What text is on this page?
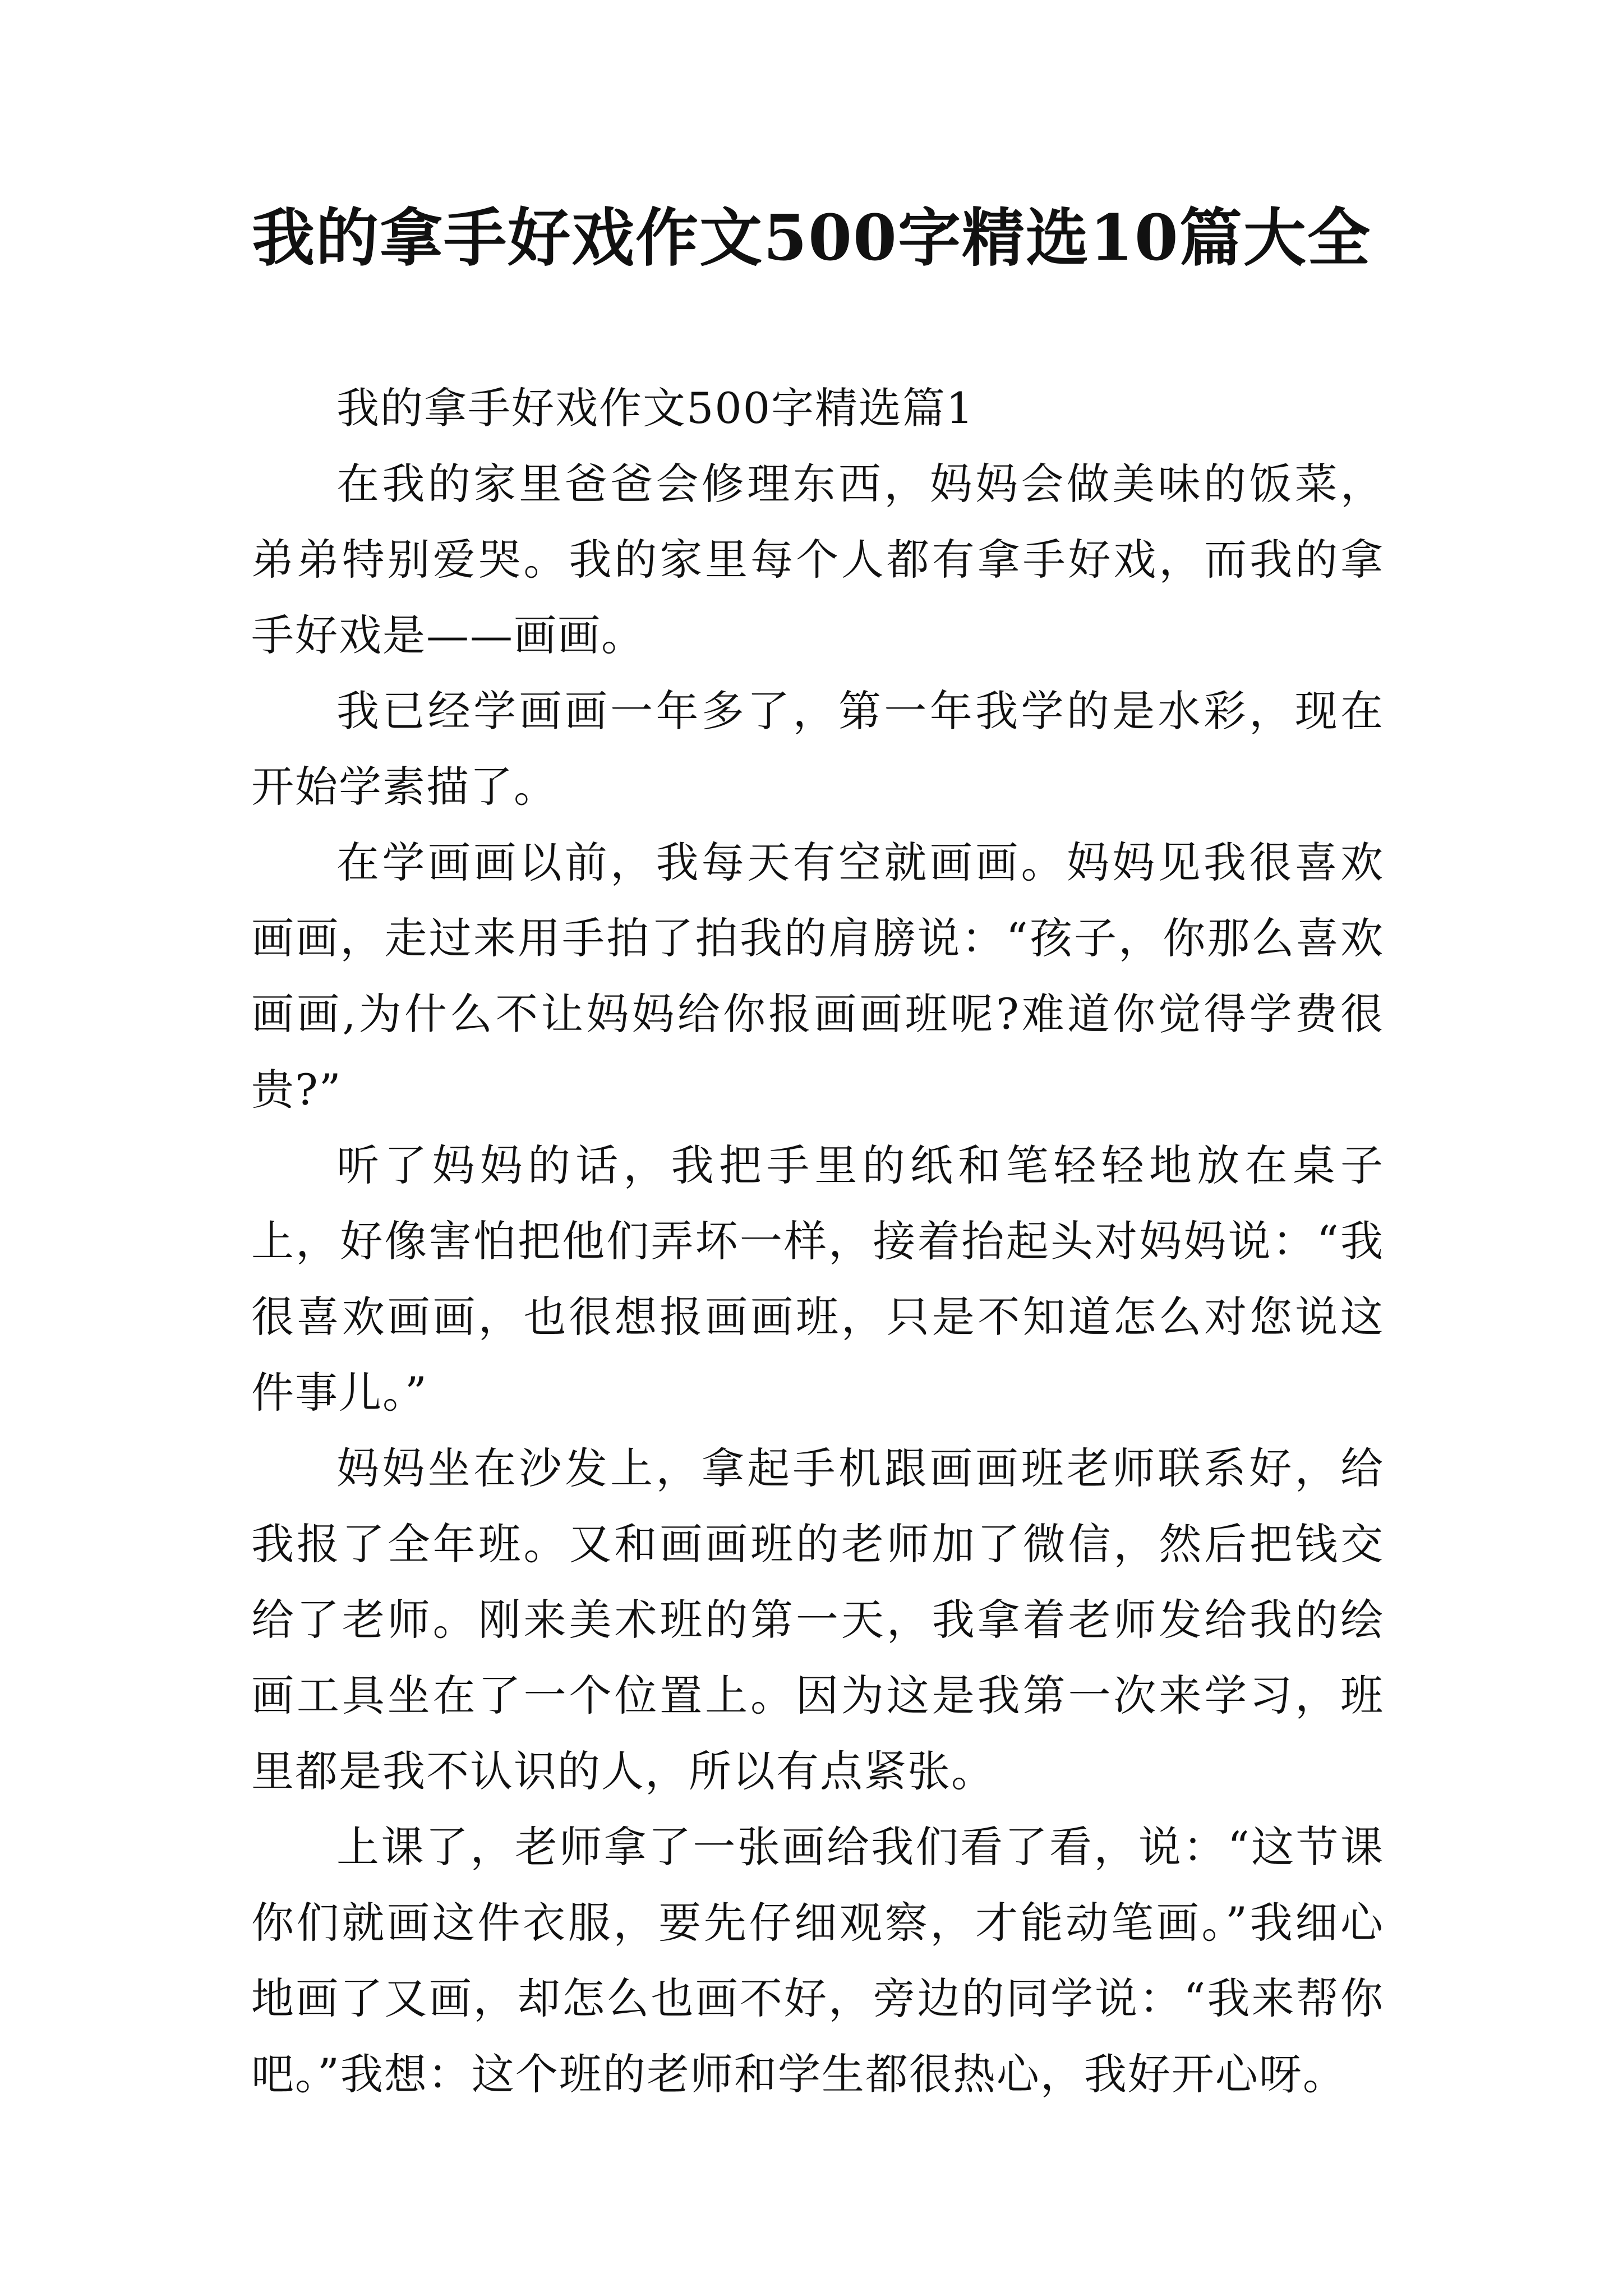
我的拿手好戏作文500字精选10篇大全

我的拿手好戏作文500字精选篇1

在我的家里爸爸会修理东西，妈妈会做美味的饭菜，弟弟特别爱哭。我的家里每个人都有拿手好戏，而我的拿手好戏是——画画。

我已经学画画一年多了，第一年我学的是水彩，现在开始学素描了。

在学画画以前，我每天有空就画画。妈妈见我很喜欢画画，走过来用手拍了拍我的肩膀说：“孩子，你那么喜欢画画,为什么不让妈妈给你报画画班呢?难道你觉得学费很贵?”

听了妈妈的话，我把手里的纸和笔轻轻地放在桌子上，好像害怕把他们弄坏一样，接着抬起头对妈妈说：“我很喜欢画画，也很想报画画班，只是不知道怎么对您说这件事儿。”

妈妈坐在沙发上，拿起手机跟画画班老师联系好，给我报了全年班。又和画画班的老师加了微信，然后把钱交给了老师。刚来美术班的第一天，我拿着老师发给我的绘画工具坐在了一个位置上。因为这是我第一次来学习，班里都是我不认识的人，所以有点紧张。

上课了，老师拿了一张画给我们看了看，说：“这节课你们就画这件衣服，要先仔细观察，才能动笔画。”我细心地画了又画，却怎么也画不好，旁边的同学说：“我来帮你吧。”我想：这个班的老师和学生都很热心，我好开心呀。
